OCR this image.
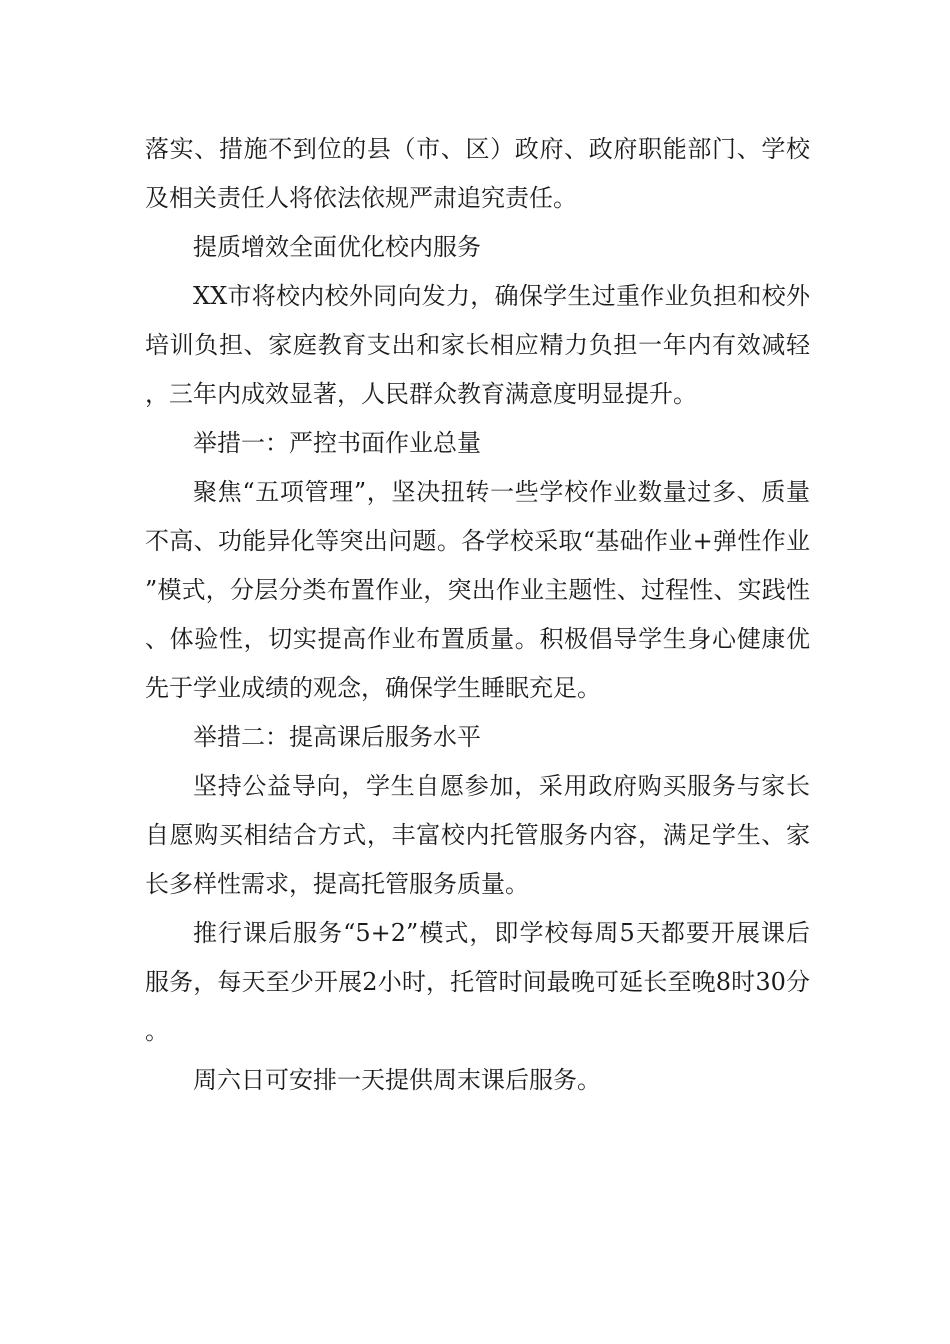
落实、措施不到位的县（市、区）政府、政府职能部门、学校及相关责任人将依法依规严肃追究责任。

提质增效全面优化校内服务

XX市将校内校外同向发力，确保学生过重作业负担和校外培训负担、家庭教育支出和家长相应精力负担一年内有效减轻，三年内成效显著，人民群众教育满意度明显提升。

举措一：严控书面作业总量

聚焦“五项管理”，坚决扭转一些学校作业数量过多、质量不高、功能异化等突出问题。各学校采取“基础作业+弹性作业”模式，分层分类布置作业，突出作业主题性、过程性、实践性、体验性，切实提高作业布置质量。积极倡导学生身心健康优先于学业成绩的观念，确保学生睡眠充足。

举措二：提高课后服务水平

坚持公益导向，学生自愿参加，采用政府购买服务与家长自愿购买相结合方式，丰富校内托管服务内容，满足学生、家长多样性需求，提高托管服务质量。

推行课后服务“5+2”模式，即学校每周5天都要开展课后服务，每天至少开展2小时，托管时间最晚可延长至晚8时30分。

周六日可安排一天提供周末课后服务。
